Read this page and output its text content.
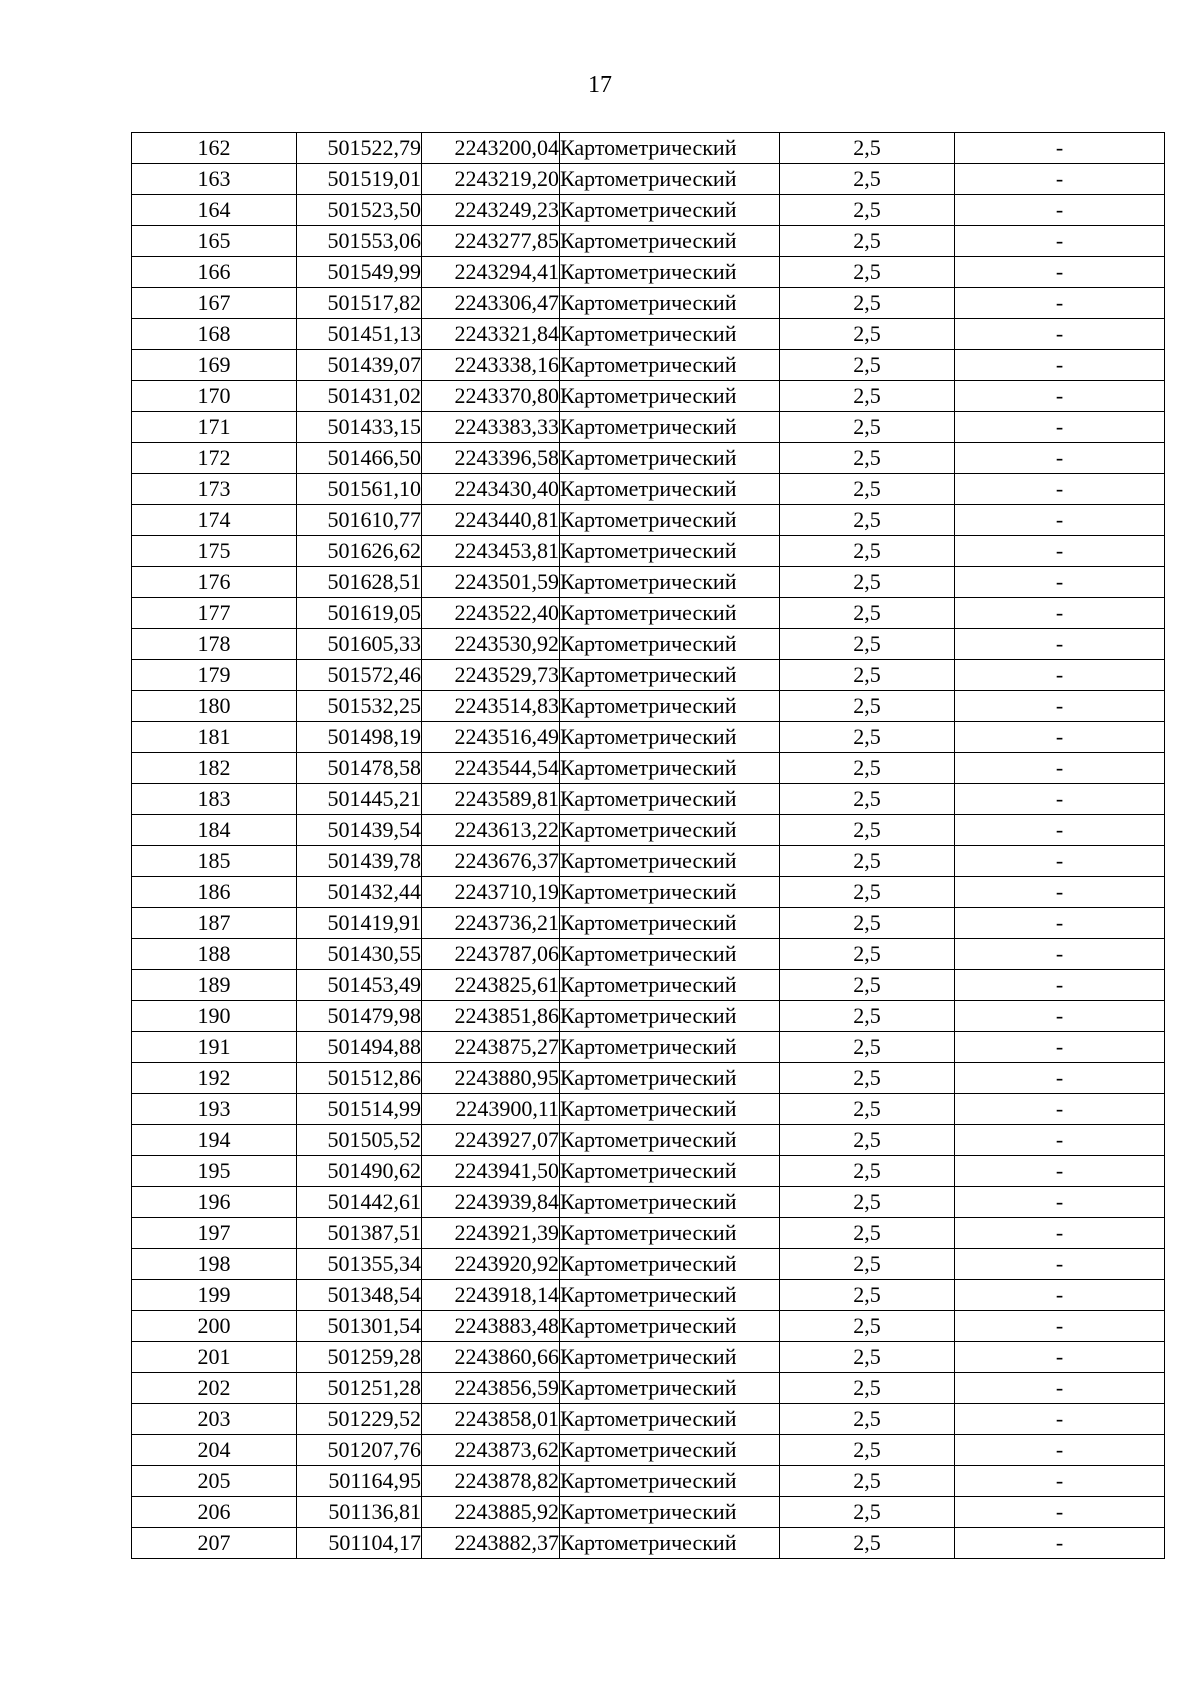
17
162	501522,79	2243200,04	Картометрический	2,5	-
163	501519,01	2243219,20	Картометрический	2,5	-
164	501523,50	2243249,23	Картометрический	2,5	-
165	501553,06	2243277,85	Картометрический	2,5	-
166	501549,99	2243294,41	Картометрический	2,5	-
167	501517,82	2243306,47	Картометрический	2,5	-
168	501451,13	2243321,84	Картометрический	2,5	-
169	501439,07	2243338,16	Картометрический	2,5	-
170	501431,02	2243370,80	Картометрический	2,5	-
171	501433,15	2243383,33	Картометрический	2,5	-
172	501466,50	2243396,58	Картометрический	2,5	-
173	501561,10	2243430,40	Картометрический	2,5	-
174	501610,77	2243440,81	Картометрический	2,5	-
175	501626,62	2243453,81	Картометрический	2,5	-
176	501628,51	2243501,59	Картометрический	2,5	-
177	501619,05	2243522,40	Картометрический	2,5	-
178	501605,33	2243530,92	Картометрический	2,5	-
179	501572,46	2243529,73	Картометрический	2,5	-
180	501532,25	2243514,83	Картометрический	2,5	-
181	501498,19	2243516,49	Картометрический	2,5	-
182	501478,58	2243544,54	Картометрический	2,5	-
183	501445,21	2243589,81	Картометрический	2,5	-
184	501439,54	2243613,22	Картометрический	2,5	-
185	501439,78	2243676,37	Картометрический	2,5	-
186	501432,44	2243710,19	Картометрический	2,5	-
187	501419,91	2243736,21	Картометрический	2,5	-
188	501430,55	2243787,06	Картометрический	2,5	-
189	501453,49	2243825,61	Картометрический	2,5	-
190	501479,98	2243851,86	Картометрический	2,5	-
191	501494,88	2243875,27	Картометрический	2,5	-
192	501512,86	2243880,95	Картометрический	2,5	-
193	501514,99	2243900,11	Картометрический	2,5	-
194	501505,52	2243927,07	Картометрический	2,5	-
195	501490,62	2243941,50	Картометрический	2,5	-
196	501442,61	2243939,84	Картометрический	2,5	-
197	501387,51	2243921,39	Картометрический	2,5	-
198	501355,34	2243920,92	Картометрический	2,5	-
199	501348,54	2243918,14	Картометрический	2,5	-
200	501301,54	2243883,48	Картометрический	2,5	-
201	501259,28	2243860,66	Картометрический	2,5	-
202	501251,28	2243856,59	Картометрический	2,5	-
203	501229,52	2243858,01	Картометрический	2,5	-
204	501207,76	2243873,62	Картометрический	2,5	-
205	501164,95	2243878,82	Картометрический	2,5	-
206	501136,81	2243885,92	Картометрический	2,5	-
207	501104,17	2243882,37	Картометрический	2,5	-
